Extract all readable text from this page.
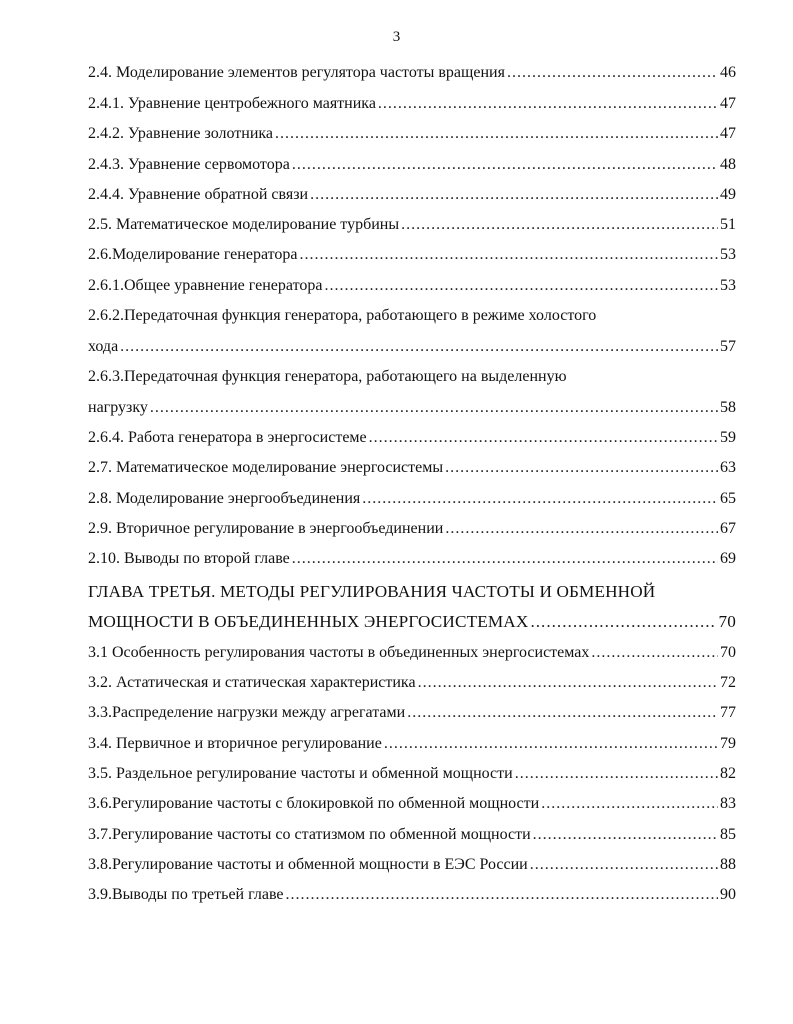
3
2.4. Моделирование элементов регулятора частоты вращения .....	46
2.4.1. Уравнение центробежного маятника .....	47
2.4.2. Уравнение золотника .....	47
2.4.3. Уравнение сервомотора .....	48
2.4.4. Уравнение обратной связи .....	49
2.5. Математическое моделирование турбины .....	51
2.6.Моделирование генератора .....	53
2.6.1.Общее уравнение генератора .....	53
2.6.2.Передаточная функция генератора, работающего в режиме холостого
хода .....	57
2.6.3.Передаточная функция генератора, работающего на выделенную
нагрузку .....	58
2.6.4. Работа генератора в энергосистеме .....	59
2.7. Математическое моделирование энергосистемы .....	63
2.8. Моделирование энергообъединения .....	65
2.9. Вторичное регулирование в энергообъединении .....	67
2.10. Выводы по второй главе .....	69
ГЛАВА ТРЕТЬЯ. МЕТОДЫ РЕГУЛИРОВАНИЯ ЧАСТОТЫ И ОБМЕННОЙ
МОЩНОСТИ В ОБЪЕДИНЕННЫХ ЭНЕРГОСИСТЕМАХ .....	70
3.1 Особенность регулирования частоты в объединенных энергосистемах .....	70
3.2. Астатическая и статическая характеристика .....	72
3.3.Распределение нагрузки между агрегатами .....	77
3.4. Первичное и вторичное регулирование .....	79
3.5. Раздельное регулирование частоты и обменной мощности .....	82
3.6.Регулирование частоты с блокировкой по обменной мощности .....	83
3.7.Регулирование частоты со статизмом по обменной мощности .....	85
3.8.Регулирование частоты и обменной мощности в ЕЭС России .....	88
3.9.Выводы по третьей главе .....	90
